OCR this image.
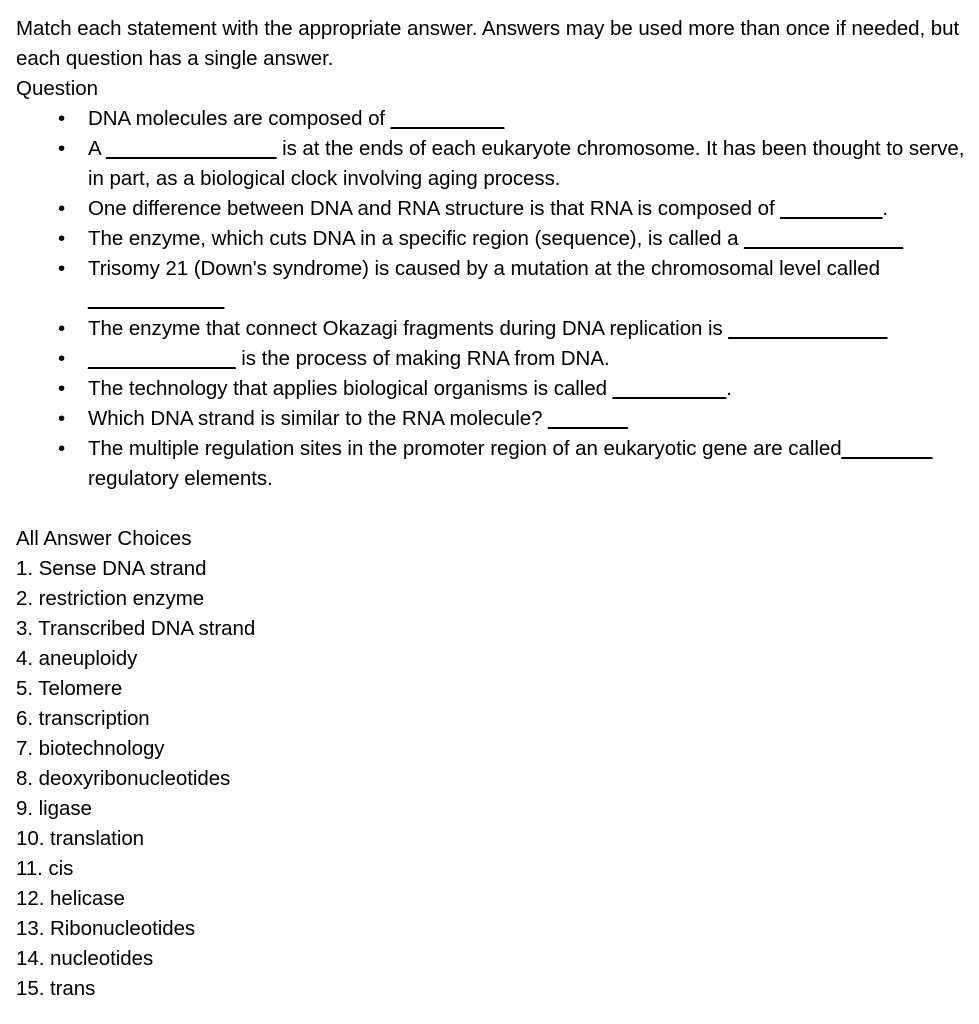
Match each statement with the appropriate answer. Answers may be used more than once if needed, but each question has a single answer.
Question
• DNA molecules are composed of __________
• A _______________ is at the ends of each eukaryote chromosome. It has been thought to serve, in part, as a biological clock involving aging process.
• One difference between DNA and RNA structure is that RNA is composed of _________.
• The enzyme, which cuts DNA in a specific region (sequence), is called a ______________
• Trisomy 21 (Down's syndrome) is caused by a mutation at the chromosomal level called ____________
• The enzyme that connect Okazagi fragments during DNA replication is ______________
• _____________ is the process of making RNA from DNA.
• The technology that applies biological organisms is called __________.
• Which DNA strand is similar to the RNA molecule? _______
• The multiple regulation sites in the promoter region of an eukaryotic gene are called________ regulatory elements.
All Answer Choices
1. Sense DNA strand
2. restriction enzyme
3. Transcribed DNA strand
4. aneuploidy
5. Telomere
6. transcription
7. biotechnology
8. deoxyribonucleotides
9. ligase
10. translation
11. cis
12. helicase
13. Ribonucleotides
14. nucleotides
15. trans
